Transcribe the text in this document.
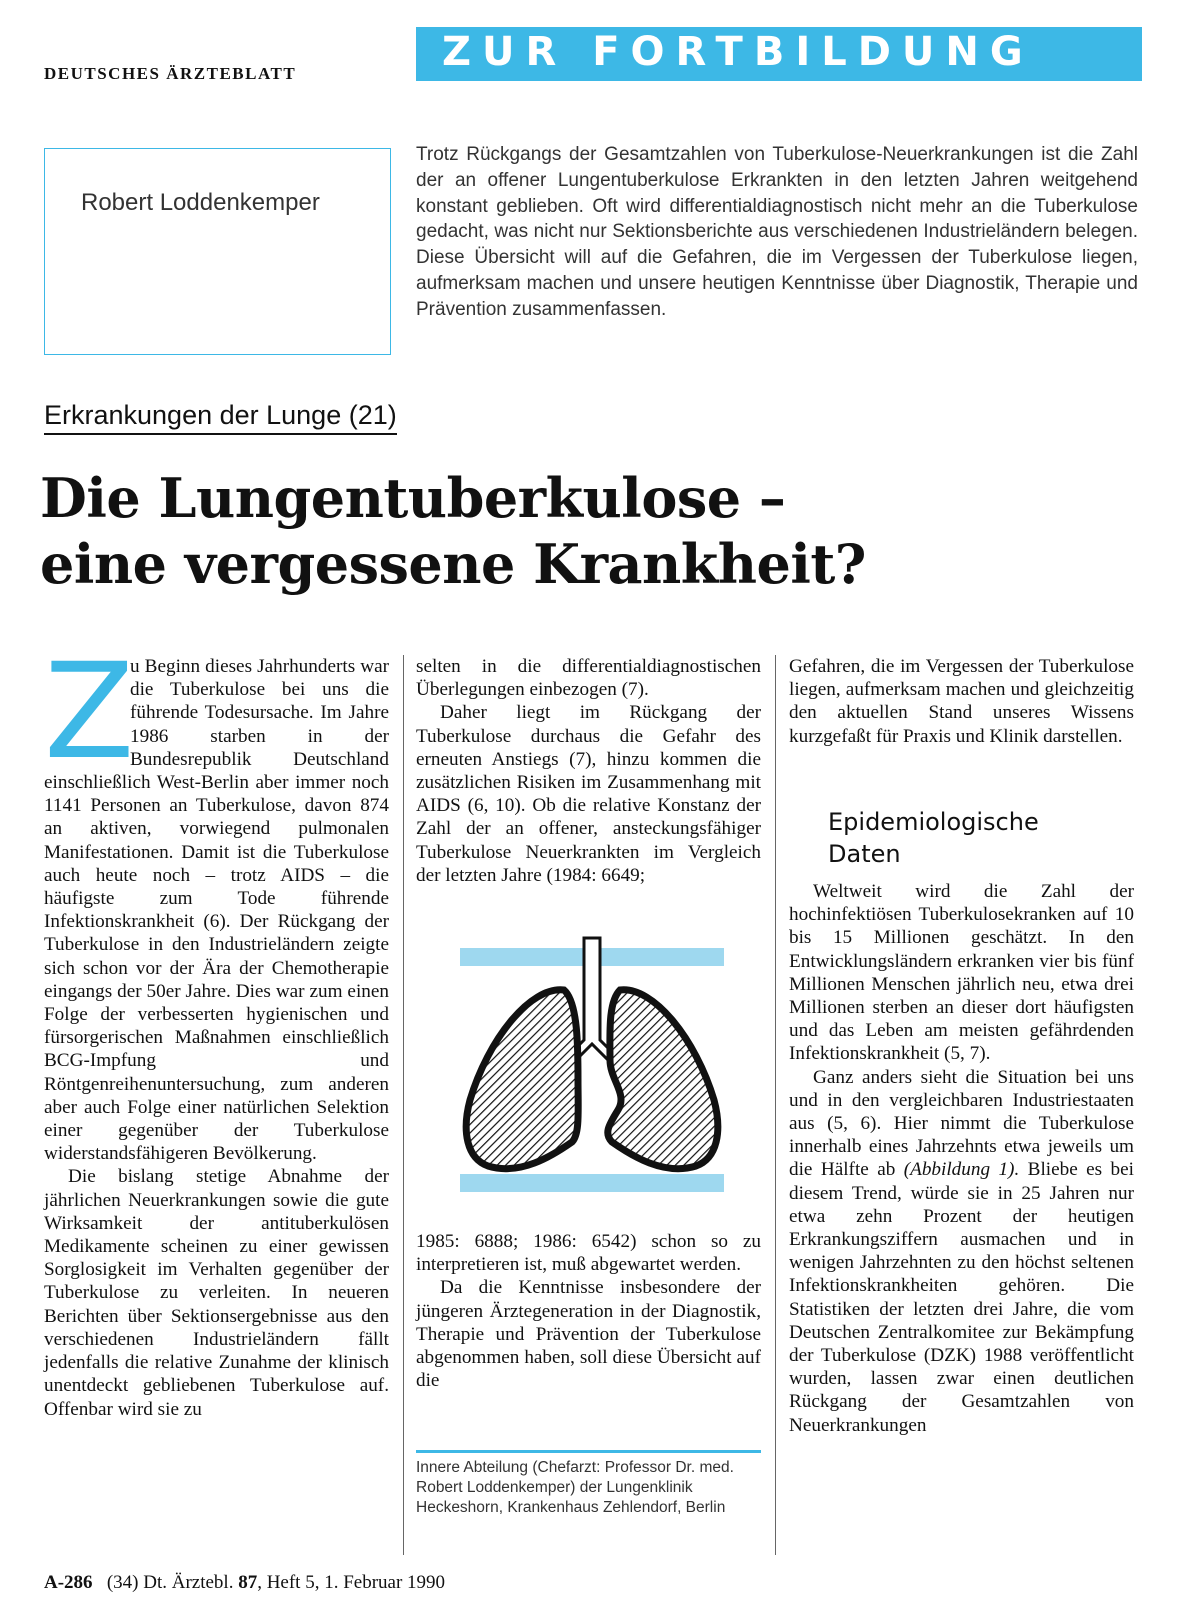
DEUTSCHES ÄRZTEBLATT	ZUR FORTBILDUNG
Robert Loddenkemper

Trotz Rückgangs der Gesamtzahlen von Tuberkulose-Neuerkrankungen ist die Zahl der an offener Lungentuberkulose Erkrankten in den letzten Jahren weitgehend konstant geblieben. Oft wird differentialdiagnostisch nicht mehr an die Tuberkulose gedacht, was nicht nur Sektionsberichte aus verschiedenen Industrieländern belegen. Diese Übersicht will auf die Gefahren, die im Vergessen der Tuberkulose liegen, aufmerksam machen und unsere heutigen Kenntnisse über Diagnostik, Therapie und Prävention zusammenfassen.

Erkrankungen der Lunge (21)
Die Lungentuberkulose –
eine vergessene Krankheit?
Z

u Beginn dieses Jahrhunderts war die Tuberkulose bei uns die führende Todesursache. Im Jahre 1986 starben in der Bundesrepublik Deutschland einschließlich West-Berlin aber immer noch 1141 Personen an Tuberkulose, davon 874 an aktiven, vorwiegend pulmonalen Manifestationen. Damit ist die Tuberkulose auch heute noch – trotz AIDS – die häufigste zum Tode führende Infektionskrankheit (6). Der Rückgang der Tuberkulose in den Industrieländern zeigte sich schon vor der Ära der Chemotherapie eingangs der 50er Jahre. Dies war zum einen Folge der verbesserten hygienischen und fürsorgerischen Maßnahmen einschließlich BCG-Impfung und Röntgenreihenuntersuchung, zum anderen aber auch Folge einer natürlichen Selektion einer gegenüber der Tuberkulose widerstandsfähigeren Bevölkerung.

Die bislang stetige Abnahme der jährlichen Neuerkrankungen sowie die gute Wirksamkeit der antituberkulösen Medikamente scheinen zu einer gewissen Sorglosigkeit im Verhalten gegenüber der Tuberkulose zu verleiten. In neueren Berichten über Sektionsergebnisse aus den verschiedenen Industrieländern fällt jedenfalls die relative Zunahme der klinisch unentdeckt gebliebenen Tuberkulose auf. Offenbar wird sie zu

selten in die differentialdiagnostischen Überlegungen einbezogen (7).

Daher liegt im Rückgang der Tuberkulose durchaus die Gefahr des erneuten Anstiegs (7), hinzu kommen die zusätzlichen Risiken im Zusammenhang mit AIDS (6, 10). Ob die relative Konstanz der Zahl der an offener, ansteckungsfähiger Tuberkulose Neuerkrankten im Vergleich der letzten Jahre (1984: 6649;

1985: 6888; 1986: 6542) schon so zu interpretieren ist, muß abgewartet werden.

Da die Kenntnisse insbesondere der jüngeren Ärztegeneration in der Diagnostik, Therapie und Prävention der Tuberkulose abgenommen haben, soll diese Übersicht auf die

Innere Abteilung (Chefarzt: Professor Dr. med. Robert Loddenkemper) der Lungenklinik Heckeshorn, Krankenhaus Zehlendorf, Berlin

Gefahren, die im Vergessen der Tuberkulose liegen, aufmerksam machen und gleichzeitig den aktuellen Stand unseres Wissens kurzgefaßt für Praxis und Klinik darstellen.

Epidemiologische
Daten

Weltweit wird die Zahl der hochinfektiösen Tuberkulosekranken auf 10 bis 15 Millionen geschätzt. In den Entwicklungsländern erkranken vier bis fünf Millionen Menschen jährlich neu, etwa drei Millionen sterben an dieser dort häufigsten und das Leben am meisten gefährdenden Infektionskrankheit (5, 7).

Ganz anders sieht die Situation bei uns und in den vergleichbaren Industriestaaten aus (5, 6). Hier nimmt die Tuberkulose innerhalb eines Jahrzehnts etwa jeweils um die Hälfte ab (Abbildung 1). Bliebe es bei diesem Trend, würde sie in 25 Jahren nur etwa zehn Prozent der heutigen Erkrankungsziffern ausmachen und in wenigen Jahrzehnten zu den höchst seltenen Infektionskrankheiten gehören. Die Statistiken der letzten drei Jahre, die vom Deutschen Zentralkomitee zur Bekämpfung der Tuberkulose (DZK) 1988 veröffentlicht wurden, lassen zwar einen deutlichen Rückgang der Gesamtzahlen von Neuerkrankungen

A-286 (34) Dt. Ärztebl. 87, Heft 5, 1. Februar 1990
